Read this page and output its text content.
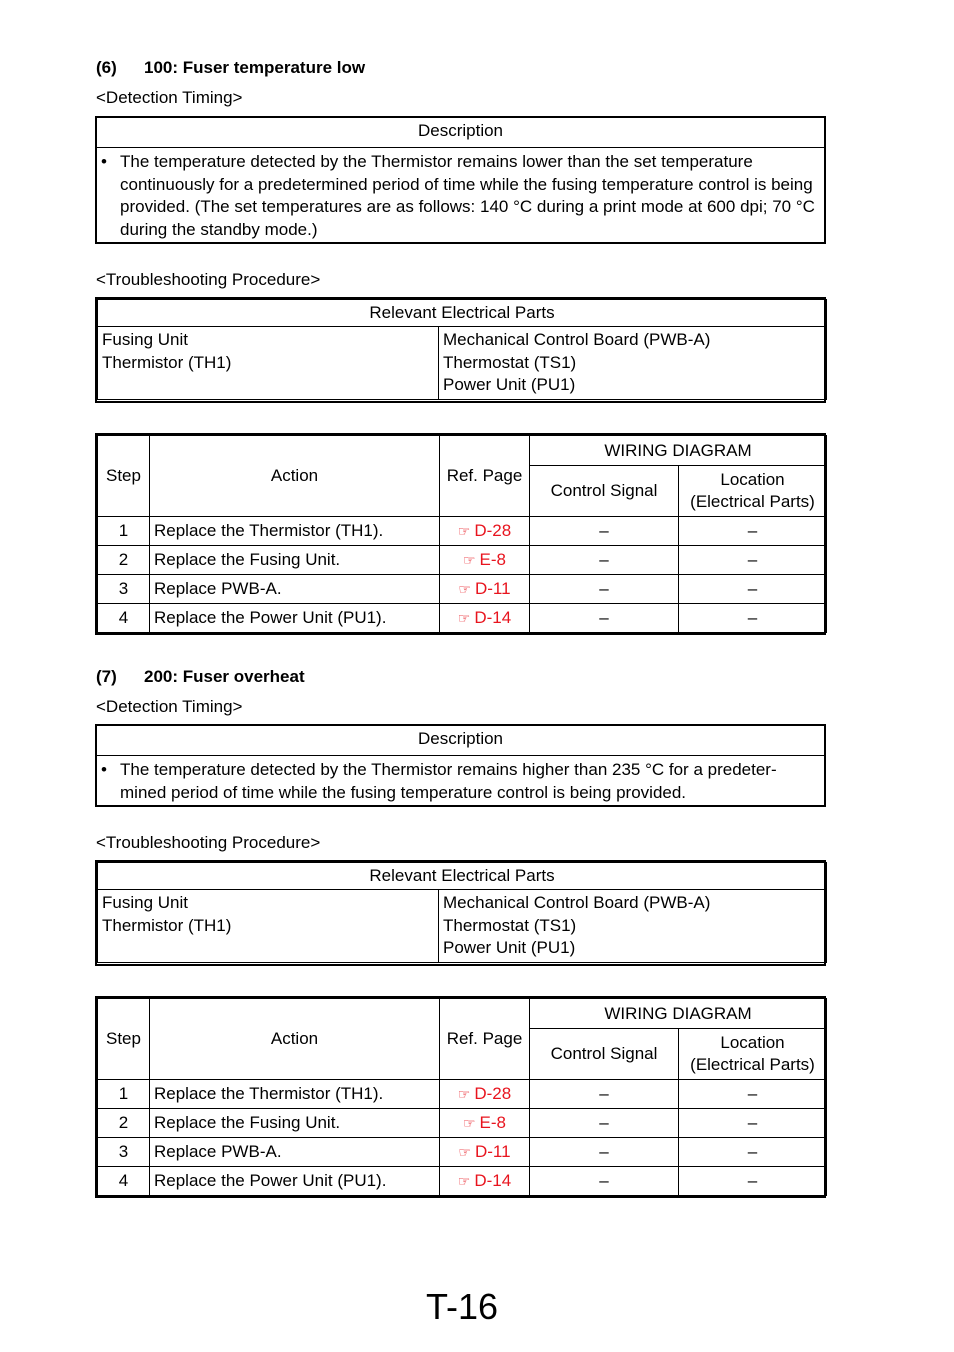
(6) 100: Fuser temperature low
<Detection Timing>
Description
• The temperature detected by the Thermistor remains lower than the set temperature continuously for a predetermined period of time while the fusing temperature control is being provided. (The set temperatures are as follows: 140 °C during a print mode at 600 dpi; 70 °C during the standby mode.)
<Troubleshooting Procedure>
Relevant Electrical Parts

Fusing Unit
Thermistor (TH1)

Mechanical Control Board (PWB-A)
Thermostat (TS1)
Power Unit (PU1)
Step	Action	Ref. Page	WIRING DIAGRAM	
			Control Signal	Location
(Electrical Parts)

1	Replace the Thermistor (TH1).	☞ D-28	–	–
2	Replace the Fusing Unit.	☞ E-8	–	–
3	Replace PWB-A.	☞ D-11	–	–
4	Replace the Power Unit (PU1).	☞ D-14	–	–
(7) 200: Fuser overheat
<Detection Timing>
Description
• The temperature detected by the Thermistor remains higher than 235 °C for a predeter-mined period of time while the fusing temperature control is being provided.
<Troubleshooting Procedure>
Relevant Electrical Parts

Fusing Unit
Thermistor (TH1)

Mechanical Control Board (PWB-A)
Thermostat (TS1)
Power Unit (PU1)
Step	Action	Ref. Page	WIRING DIAGRAM	
			Control Signal	Location
(Electrical Parts)

1	Replace the Thermistor (TH1).	☞ D-28	–	–
2	Replace the Fusing Unit.	☞ E-8	–	–
3	Replace PWB-A.	☞ D-11	–	–
4	Replace the Power Unit (PU1).	☞ D-14	–	–
T-16
